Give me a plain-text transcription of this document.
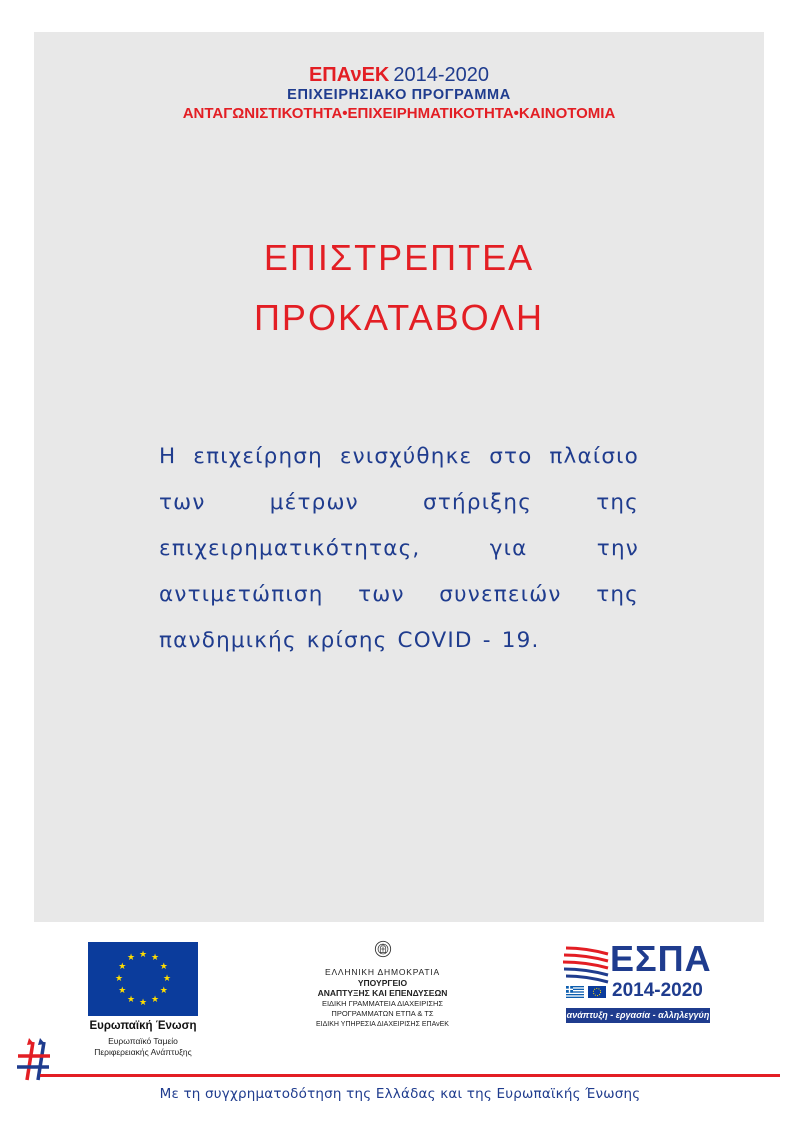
ΕΠΑνΕΚ 2014-2020
ΕΠΙΧΕΙΡΗΣΙΑΚΟ ΠΡΟΓΡΑΜΜΑ
ΑΝΤΑΓΩΝΙΣΤΙΚΟΤΗΤΑ•ΕΠΙΧΕΙΡΗΜΑΤΙΚΟΤΗΤΑ•ΚΑΙΝΟΤΟΜΙΑ
ΕΠΙΣΤΡΕΠΤΕΑ
ΠΡΟΚΑΤΑΒΟΛΗ
Η επιχείρηση ενισχύθηκε στο πλαίσιο των μέτρων στήριξης της επιχειρηματικότητας, για την αντιμετώπιση των συνεπειών της πανδημικής κρίσης COVID - 19.
★ ★
★
★
★
★
★
★
★
★
★
★
Ευρωπαϊκή Ένωση
Ευρωπαϊκό Ταμείο
Περιφερειακής Ανάπτυξης
ΕΛΛΗΝΙΚΗ ΔΗΜΟΚΡΑΤΙΑ
ΥΠΟΥΡΓΕΙΟ
ΑΝΑΠΤΥΞΗΣ ΚΑΙ ΕΠΕΝΔΥΣΕΩΝ
ΕΙΔΙΚΗ ΓΡΑΜΜΑΤΕΙΑ ΔΙΑΧΕΙΡΙΣΗΣ
ΠΡΟΓΡΑΜΜΑΤΩΝ ΕΤΠΑ & ΤΣ
ΕΙΔΙΚΗ ΥΠΗΡΕΣΙΑ ΔΙΑΧΕΙΡΙΣΗΣ ΕΠΑνΕΚ
ΕΣΠΑ
2014-2020
ανάπτυξη - εργασία - αλληλεγγύη
Με τη συγχρηματοδότηση της Ελλάδας και της Ευρωπαϊκής Ένωσης
